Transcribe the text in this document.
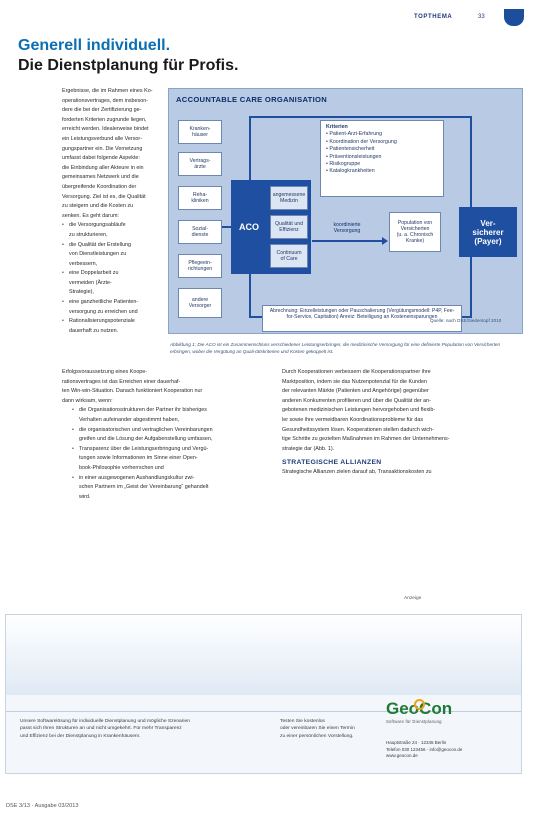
TOPTHEMA	33

Ergebnisse, die im Rahmen eines Ko-

operationsvertrages, dem insbeson-

dere die bei der Zertifizierung ge-

forderten Kriterien zugrunde liegen,

erreicht werden. Idealerweise bindet

ein Leistungsverbund alle Versor-

gungspartner ein. Die Vernetzung

umfasst dabei folgende Aspekte:

die Einbindung aller Akteure in ein

gemeinsames Netzwerk und die

übergreifende Koordination der

Versorgung. Ziel ist es, die Qualität

zu steigern und die Kosten zu

senken. Es geht darum:

• die Versorgungsabläufe

zu strukturieren,

• die Qualität der Erstellung

von Dienstleistungen zu

verbessern,

• eine Doppelarbeit zu

vermeiden (Ärzte-

Strategie),

• eine ganzheitliche Patienten-

versorgung zu erreichen und

• Rationalisierungspotenziale

dauerhaft zu nutzen.

Erfolgsvoraussetzung eines Koope-

rationsvertrages ist das Erreichen einer dauerhaf-

ten Win-win-Situation. Danach funktioniert Kooperation nur

dann wirksam, wenn:

• die Organisationsstrukturen der Partner ihr bisheriges

Verhalten aufeinander abgestimmt haben,

• die organisatorischen und vertraglichen Vereinbarungen

greifen und die Lösung der Aufgabenstellung umfassen,

• Transparenz über die Leistungserbringung und Vergü-

tungen sowie Informationen im Sinne einer Open-

book-Philosophie vorherrschen und

• in einer ausgewogenen Aushandlungskultur zwi-

schen Partnern im „Geist der Vereinbarung“ gehandelt

wird.

Durch Kooperationen verbessern die Kooperationspartner ihre

Marktposition, indem sie das Nutzenpotenzial für die Kunden

der relevanten Märkte (Patienten und Angehörige) gegenüber

anderen Konkurrenten profilieren und über die Qualität der an-

gebotenen medizinischen Leistungen hervorgehoben und flexib-

ler sowie ihre vermeidbaren Koordinationsprobleme für das

Gesundheitssystem lösen. Kooperationen stellen dadurch wich-

tige Schritte zu gezielten Maßnahmen im Rahmen der Unternehmens-

strategie dar (Abb. 1).

STRATEGISCHE ALLIANZEN

Strategische Allianzen zielen darauf ab, Transaktionskosten zu

ACCOUNTABLE CARE ORGANISATION
Kranken-
häuser
Vertrags-
ärzte
Reha-
kliniken
Sozial-
dienste
Pflegeein-
richtungen
andere
Versorger
ACO
angemessene
Medizin
Qualität und
Effizienz
Continuum
of Care
Kriterien
• Patient-Arzt-Erfahrung
• Koordination der Versorgung
• Patientensicherheit
• Präventionsleistungen
• Risikogruppe
• Katalogkrankheiten
koordinierte
Versorgung
Population von
Versicherten
(u. a. Chronisch
Kranke)
Ver-
sicherer
(Payer)
Abrechnung: Einzelleistungen oder Pauschalierung (Vergütungsmodell: P4P, Fee-for-Service, Capitation) Anreiz: Beteiligung an Kosteneinsparungen
Quelle: nach DSE/Siedentopf 2010
Abbildung 1: Die ACO ist ein Zusammenschluss verschiedener Leistungserbringer, die medizinische Versorgung für eine definierte Population von Versicherten erbringen, wobei die Vergütung an Quali-tätskriterien und Kosten gekoppelt ist.
Anzeige
Generell individuell.
Die Dienstplanung für Profis.
Unsere Softwarelösung für individuelle Dienstplanung und mögliche Szenarien
passt sich Ihren Strukturen an und nicht umgekehrt. Für mehr Transparenz
und Effizienz bei der Dienstplanung in Krankenhäusern.
Testen Sie kostenlos
oder vereinbaren Sie einen Termin
zu einer persönlichen Vorstellung.
GeoCon
Software für Dienstplanung
Hauptstraße 24 · 12345 Berlin
Telefon 030 123456 · info@geocon.de
www.geocon.de
DSE 3/13 · Ausgabe 03/2013
